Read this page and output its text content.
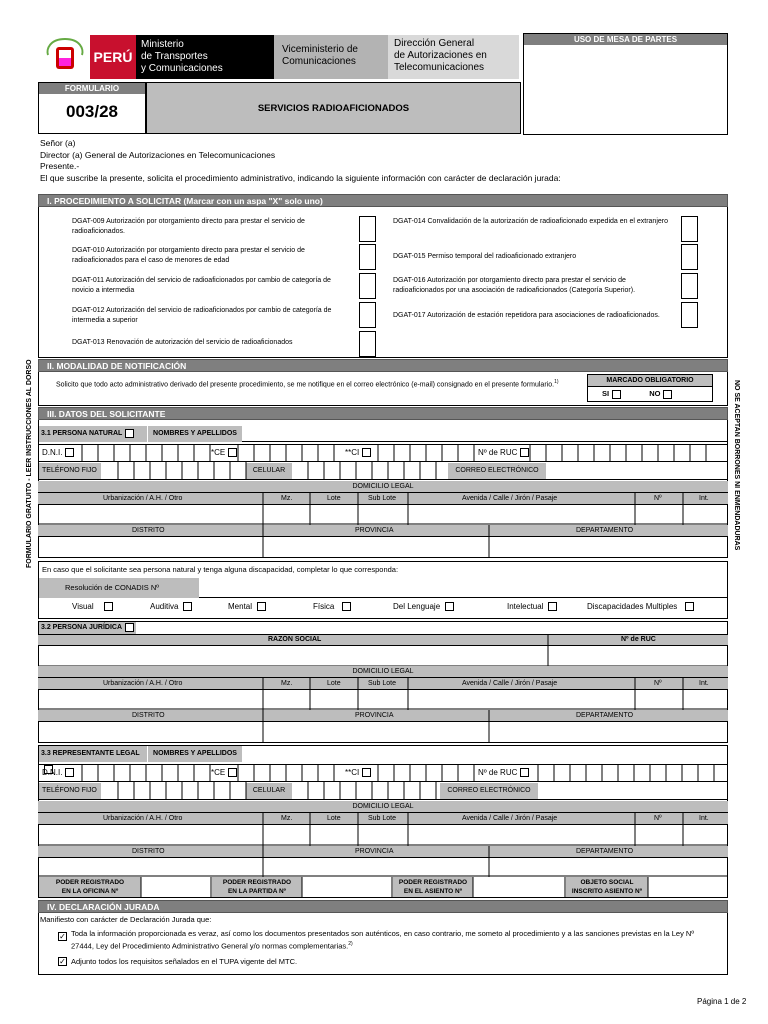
PERÚ
Ministerio
de Transportes
y Comunicaciones
Viceministerio de
Comunicaciones
Dirección General
de Autorizaciones en
Telecomunicaciones
USO DE MESA DE PARTES
FORMULARIO
003/28	SERVICIOS RADIOAFICIONADOS
Señor (a)
Director (a) General de Autorizaciones en Telecomunicaciones
Presente.-
El que suscribe la presente, solicita el procedimiento administrativo, indicando la siguiente información con carácter de declaración jurada:
FORMULARIO GRATUITO - LEER INSTRUCCIONES AL DORSO	NO SE ACEPTAN BORRONES NI ENMENDADURAS
I. PROCEDIMIENTO A SOLICITAR (Marcar con un aspa "X" solo uno)
DGAT-009 Autorización por otorgamiento directo para prestar el servicio de radioaficionados.
DGAT-010 Autorización por otorgamiento directo para prestar el servicio de radioaficionados para el caso de menores de edad
DGAT-011 Autorización del servicio de radioaficionados por cambio de categoría de novicio a intermedia
DGAT-012 Autorización del servicio de radioaficionados por cambio de categoría de intermedia a superior
DGAT-013 Renovación de autorización del servicio de radioaficionados
DGAT-014 Convalidación de la autorización de radioaficionado expedida en el extranjero
DGAT-015 Permiso temporal del radioaficionado extranjero
DGAT-016 Autorización por otorgamiento directo para prestar el servicio de radioaficionados por una asociación de radioaficionados (Categoría Superior).
DGAT-017 Autorización de estación repetidora para asociaciones de radioaficionados.
II. MODALIDAD DE NOTIFICACIÓN
Solicito que todo acto administrativo derivado del presente procedimiento, se me notifique en el correo electrónico (e-mail) consignado en el presente formulario.$^{1)}$	MARCADO OBLIGATORIO
SI	NO
III. DATOS DEL SOLICITANTE
3.1 PERSONA NATURAL	NOMBRES Y APELLIDOS
D.N.I.	*CE	**CI	Nº de RUC
TELÉFONO FIJO	CELULAR	CORREO ELECTRÓNICO
DOMICILIO LEGAL
Urbanización / A.H. / Otro	Mz.	Lote	Sub Lote	Avenida / Calle / Jirón / Pasaje	Nº	Int.
DISTRITO	PROVINCIA	DEPARTAMENTO
En caso que el solicitante sea persona natural y tenga alguna discapacidad, completar lo que corresponda:
Resolución de CONADIS Nº
Visual	Auditiva	Mental	Física	Del Lenguaje	Intelectual	Discapacidades Multiples
3.2 PERSONA JURÍDICA
RAZÓN SOCIAL	Nº de RUC
DOMICILIO LEGAL
Urbanización / A.H. / Otro	Mz.	Lote	Sub Lote	Avenida / Calle / Jirón / Pasaje	Nº	Int.
DISTRITO	PROVINCIA	DEPARTAMENTO
3.3 REPRESENTANTE LEGAL	NOMBRES Y APELLIDOS
D.N.I.	*CE	**CI	Nº de RUC
TELÉFONO FIJO	CELULAR	CORREO ELECTRÓNICO
DOMICILIO LEGAL
Urbanización / A.H. / Otro	Mz.	Lote	Sub Lote	Avenida / Calle / Jirón / Pasaje	Nº	Int.
DISTRITO	PROVINCIA	DEPARTAMENTO
PODER REGISTRADO
EN LA OFICINA Nº
PODER REGISTRADO
EN LA PARTIDA Nº
PODER REGISTRADO
EN EL ASIENTO Nº
OBJETO SOCIAL
INSCRITO ASIENTO Nº
IV. DECLARACIÓN JURADA
Manifiesto con carácter de Declaración Jurada que:
✓ Toda la información proporcionada es veraz, así como los documentos presentados son auténticos, en caso contrario, me someto al procedimiento y a las sanciones previstas en la Ley Nº 27444, Ley del Procedimiento Administrativo General y/o normas complementarias.$^{2)}$
✓ Adjunto todos los requisitos señalados en el TUPA vigente del MTC.
Página 1 de 2
